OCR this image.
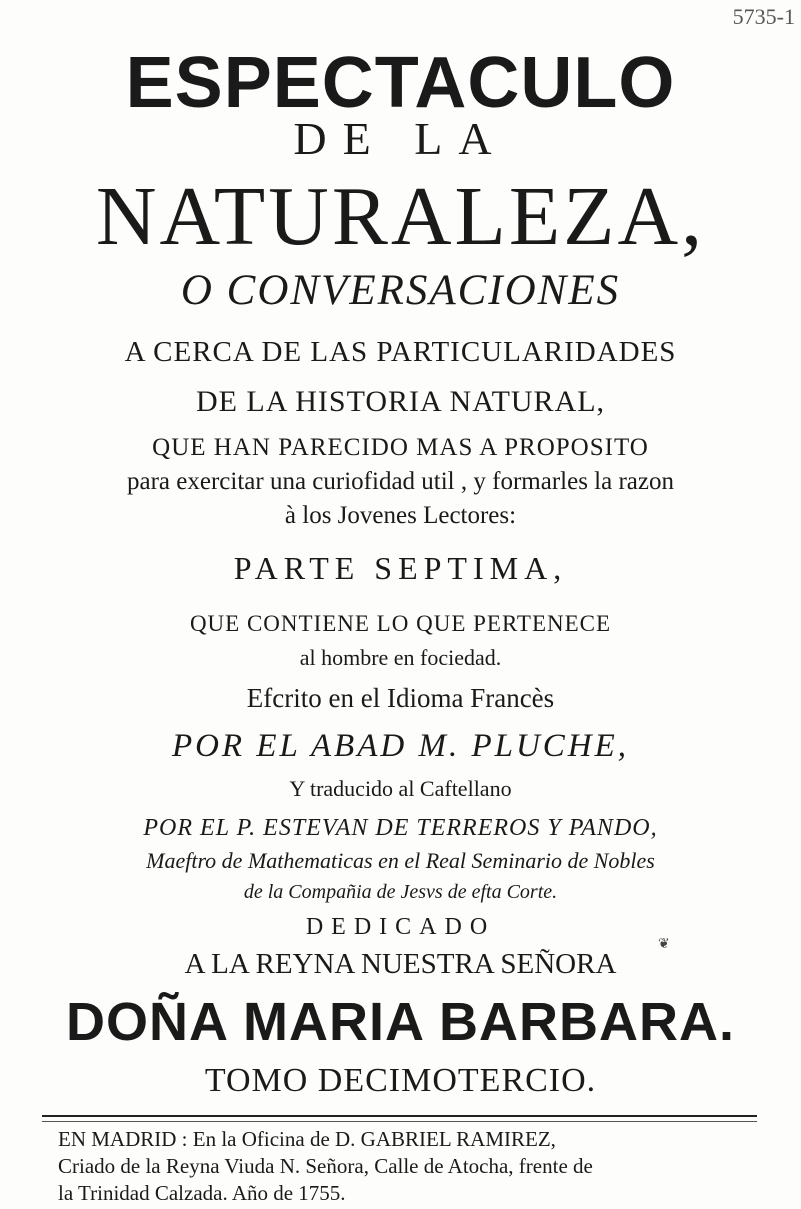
5735-1
ESPECTACULO
DE LA
NATURALEZA,
O CONVERSACIONES
A CERCA DE LAS PARTICULARIDADES
DE LA HISTORIA NATURAL,
QUE HAN PARECIDO MAS A PROPOSITO
para exercitar una curiofidad util , y formarles la razon
à los Jovenes Lectores:
PARTE SEPTIMA,
QUE CONTIENE LO QUE PERTENECE
al hombre en fociedad.
Efcrito en el Idioma Francès
POR EL ABAD M. PLUCHE,
Y traducido al Caftellano
POR EL P. ESTEVAN DE TERREROS Y PANDO,
Maeftro de Mathematicas en el Real Seminario de Nobles
de la Compañia de Jesvs de efta Corte.
DEDICADO
❦
A LA REYNA NUESTRA SEÑORA
DOÑA MARIA BARBARA.
TOMO DECIMOTERCIO.
EN MADRID : En la Oficina de D. GABRIEL RAMIREZ,
Criado de la Reyna Viuda N. Señora, Calle de Atocha, frente de
la Trinidad Calzada. Año de 1755.
